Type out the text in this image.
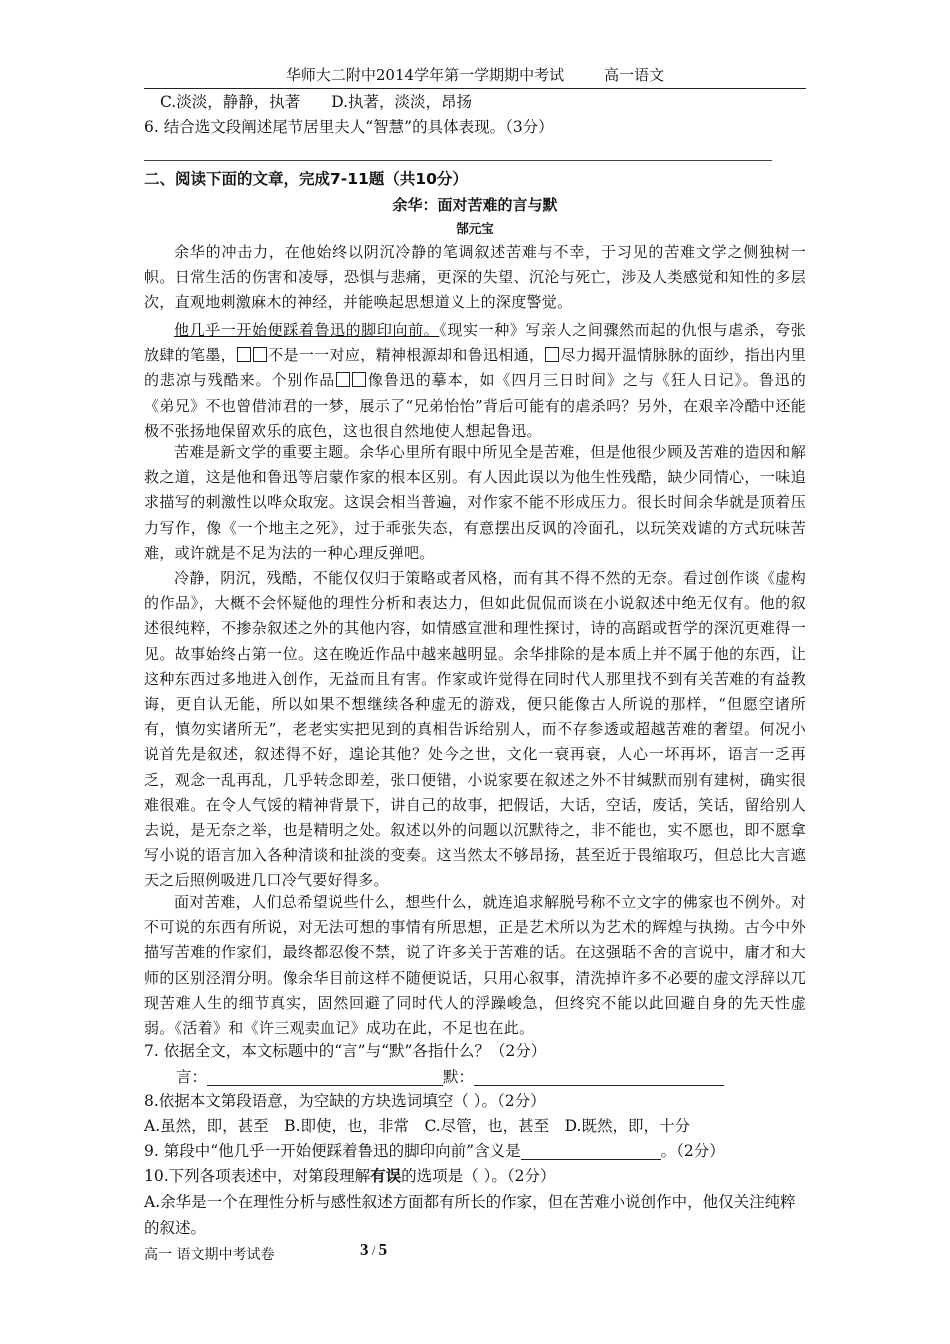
华师大二附中2014学年第一学期期中考试	高一语文
C.淡淡，静静，执著　　D.执著，淡淡，昂扬
6. 结合选文段阐述尾节居里夫人“智慧”的具体表现。（3分）
二、阅读下面的文章，完成7-11题（共10分）
余华：面对苦难的言与默
郜元宝
余华的冲击力，在他始终以阴沉冷静的笔调叙述苦难与不幸，于习见的苦难文学之侧独树一帜。日常生活的伤害和凌辱，恐惧与悲痛，更深的失望、沉沦与死亡，涉及人类感觉和知性的多层次，直观地刺激麻木的神经，并能唤起思想道义上的深度警觉。
他几乎一开始便踩着鲁迅的脚印向前。《现实一种》写亲人之间骤然而起的仇恨与虐杀，夸张放肆的笔墨， 不是一一对应，精神根源却和鲁迅相通， 尽力揭开温情脉脉的面纱，指出内里的悲凉与残酷来。个别作品 像鲁迅的摹本，如《四月三日时间》之与《狂人日记》。鲁迅的《弟兄》不也曾借沛君的一梦，展示了“兄弟怡怡”背后可能有的虐杀吗？另外，在艰辛冷酷中还能极不张扬地保留欢乐的底色，这也很自然地使人想起鲁迅。
苦难是新文学的重要主题。余华心里所有眼中所见全是苦难，但是他很少顾及苦难的造因和解救之道，这是他和鲁迅等启蒙作家的根本区别。有人因此误以为他生性残酷，缺少同情心，一味追求描写的刺激性以哗众取宠。这误会相当普遍，对作家不能不形成压力。很长时间余华就是顶着压力写作，像《一个地主之死》，过于乖张失态，有意摆出反讽的冷面孔，以玩笑戏谑的方式玩味苦难，或许就是不足为法的一种心理反弹吧。
冷静，阴沉，残酷，不能仅仅归于策略或者风格，而有其不得不然的无奈。看过创作谈《虚构的作品》，大概不会怀疑他的理性分析和表达力，但如此侃侃而谈在小说叙述中绝无仅有。他的叙述很纯粹，不掺杂叙述之外的其他内容，如情感宣泄和理性探讨，诗的高蹈或哲学的深沉更难得一见。故事始终占第一位。这在晚近作品中越来越明显。余华排除的是本质上并不属于他的东西，让这种东西过多地进入创作，无益而且有害。作家或许觉得在同时代人那里找不到有关苦难的有益教诲，更自认无能，所以如果不想继续各种虚无的游戏，便只能像古人所说的那样，“但愿空诸所有，慎勿实诸所无”，老老实实把见到的真相告诉给别人，而不存参透或超越苦难的奢望。何况小说首先是叙述，叙述得不好，遑论其他？处今之世，文化一衰再衰，人心一坏再坏，语言一乏再乏，观念一乱再乱，几乎转念即差，张口便错，小说家要在叙述之外不甘缄默而别有建树，确实很难很难。在令人气馁的精神背景下，讲自己的故事，把假话，大话，空话，废话，笑话，留给别人去说，是无奈之举，也是精明之处。叙述以外的问题以沉默待之，非不能也，实不愿也，即不愿拿写小说的语言加入各种清谈和扯淡的变奏。这当然太不够昂扬，甚至近于畏缩取巧，但总比大言遮天之后照例吸进几口冷气要好得多。
面对苦难，人们总希望说些什么，想些什么，就连追求解脱号称不立文字的佛家也不例外。对不可说的东西有所说，对无法可想的事情有所思想，正是艺术所以为艺术的辉煌与执拗。古今中外描写苦难的作家们，最终都忍俊不禁，说了许多关于苦难的话。在这强聒不舍的言说中，庸才和大师的区别泾渭分明。像余华目前这样不随便说话，只用心叙事，清洗掉许多不必要的虚文浮辞以兀现苦难人生的细节真实，固然回避了同时代人的浮躁峻急，但终究不能以此回避自身的先天性虚弱。《活着》和《许三观卖血记》成功在此，不足也在此。
7. 依据全文，本文标题中的“言”与“默”各指什么？（2分）
言：	默：
8.依据本文第段语意，为空缺的方块选词填空（ ）。（2分）
A.虽然，即，甚至　B.即使，也，非常　C.尽管，也，甚至　D.既然，即，十分
9. 第段中“他几乎一开始便踩着鲁迅的脚印向前”含义是	。（2分）
10.下列各项表述中，对第段理解有误的选项是（ ）。（2分）
A.余华是一个在理性分析与感性叙述方面都有所长的作家，但在苦难小说创作中，他仅关注纯粹的叙述。
高一 语文期中考试卷	3 / 5
